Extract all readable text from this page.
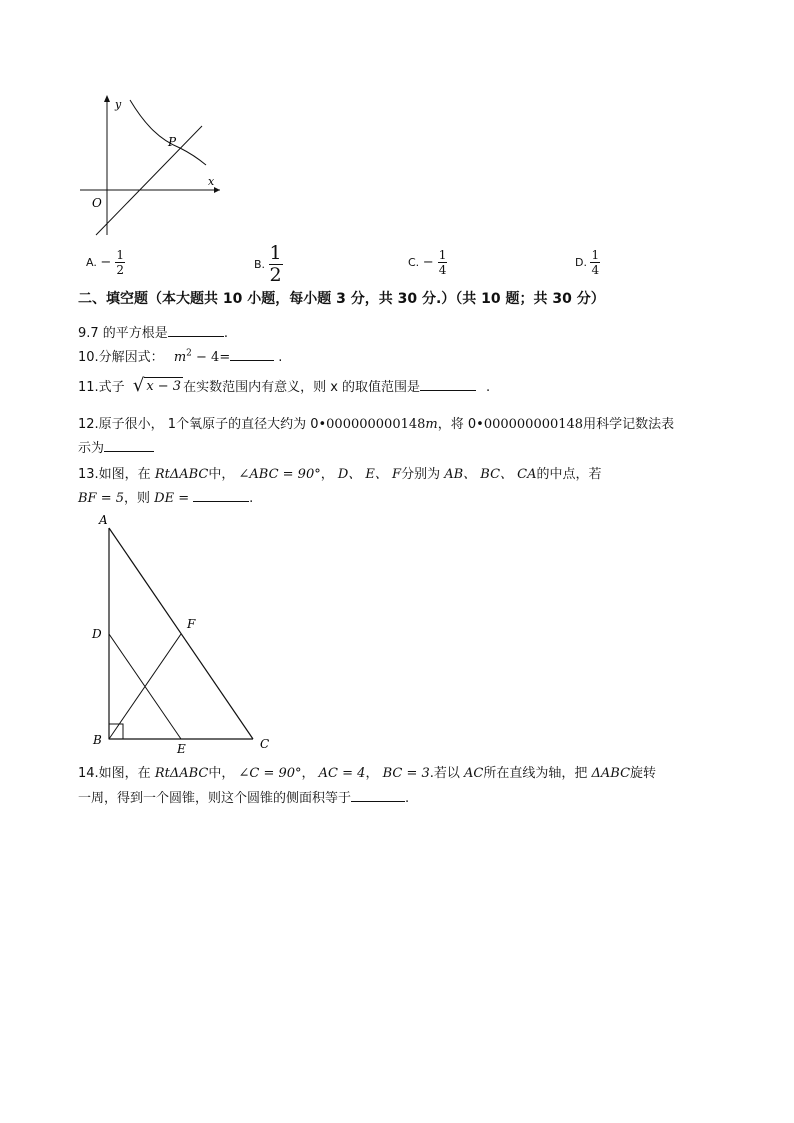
y
x
O
P
A. − $\frac{1}{2}$	B. $\frac{1}{2}$	C. − $\frac{1}{4}$	D. $\frac{1}{4}$
二、填空题（本大题共 10 小题，每小题 3 分，共 30 分.）（共 10 题；共 30 分）
9.7 的平方根是	.
10.分解因式： $m^2 - 4=$	.
11.式子 √ x − 3 在实数范围内有意义，则 x 的取值范围是	.
12.原子很小， 1个氧原子的直径大约为 0•000000000148m，将 0•000000000148用科学记数法表
示为
13.如图，在 RtΔABC中， ∠ABC = 90°， D、 E、 F分别为 AB、 BC、 CA的中点，若
BF = 5，则 DE =	.
A
B	C
D
E
F
14.如图，在 RtΔABC中， ∠C = 90°， AC = 4， BC = 3.若以 AC所在直线为轴，把 ΔABC旋转
一周，得到一个圆锥，则这个圆锥的侧面积等于	.
